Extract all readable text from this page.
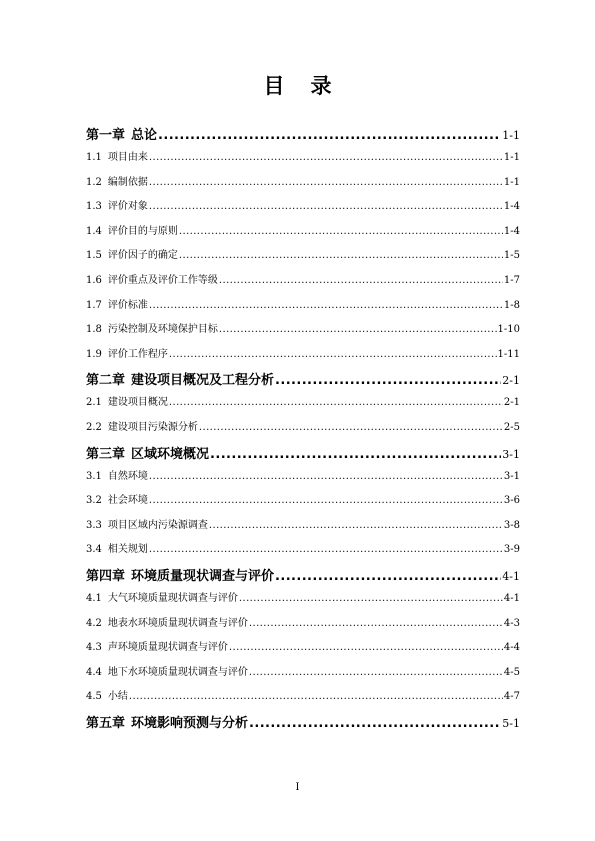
目录
第一章 总论 .....	1-1
1.1 项目由来 .....	1-1
1.2 编制依据 .....	1-1
1.3 评价对象 .....	1-4
1.4 评价目的与原则 .....	1-4
1.5 评价因子的确定 .....	1-5
1.6 评价重点及评价工作等级 .....	1-7
1.7 评价标准 .....	1-8
1.8 污染控制及环境保护目标 .....	1-10
1.9 评价工作程序 .....	1-11
第二章 建设项目概况及工程分析 .....	2-1
2.1 建设项目概况 .....	2-1
2.2 建设项目污染源分析 .....	2-5
第三章 区域环境概况 .....	3-1
3.1 自然环境 .....	3-1
3.2 社会环境 .....	3-6
3.3 项目区域内污染源调查 .....	3-8
3.4 相关规划 .....	3-9
第四章 环境质量现状调查与评价 .....	4-1
4.1 大气环境质量现状调查与评价 .....	4-1
4.2 地表水环境质量现状调查与评价 .....	4-3
4.3 声环境质量现状调查与评价 .....	4-4
4.4 地下水环境质量现状调查与评价 .....	4-5
4.5 小结 .....	4-7
第五章 环境影响预测与分析 .....	5-1
I
